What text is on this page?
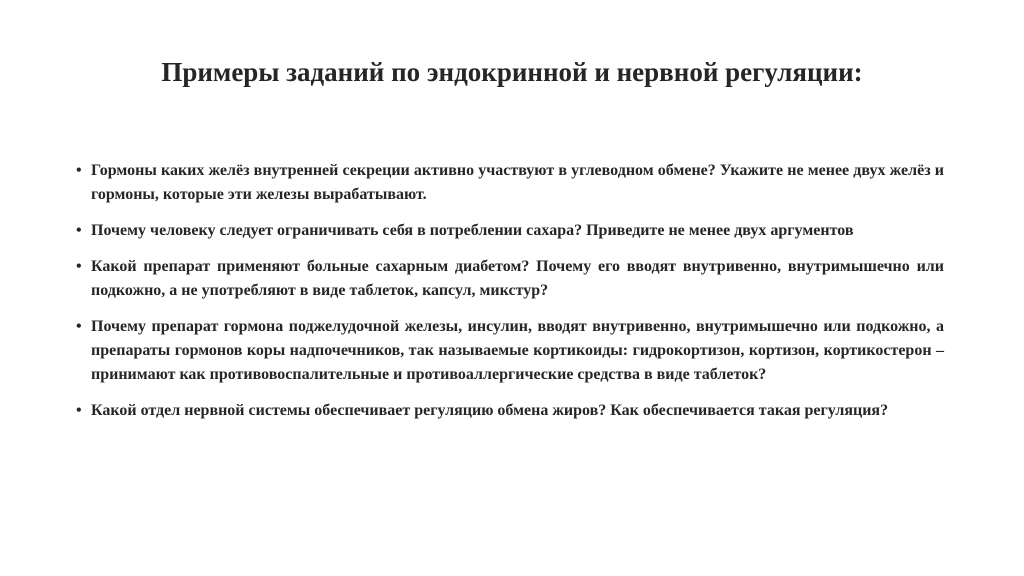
Примеры заданий по эндокринной и нервной регуляции:
• Гормоны каких желёз внутренней секреции активно участвуют в углеводном обмене? Укажите не менее двух желёз и гормоны, которые эти железы вырабатывают.
• Почему человеку следует ограничивать себя в потреблении сахара? Приведите не менее двух аргументов
• Какой препарат применяют больные сахарным диабетом? Почему его вводят внутривенно, внутримышечно или подкожно, а не употребляют в виде таблеток, капсул, микстур?
• Почему препарат гормона поджелудочной железы, инсулин, вводят внутривенно, внутримышечно или подкожно, а препараты гормонов коры надпочечников, так называемые кортикоиды: гидрокортизон, кортизон, кортикостерон – принимают как противовоспалительные и противоаллергические средства в виде таблеток?
• Какой отдел нервной системы обеспечивает регуляцию обмена жиров? Как обеспечивается такая регуляция?
